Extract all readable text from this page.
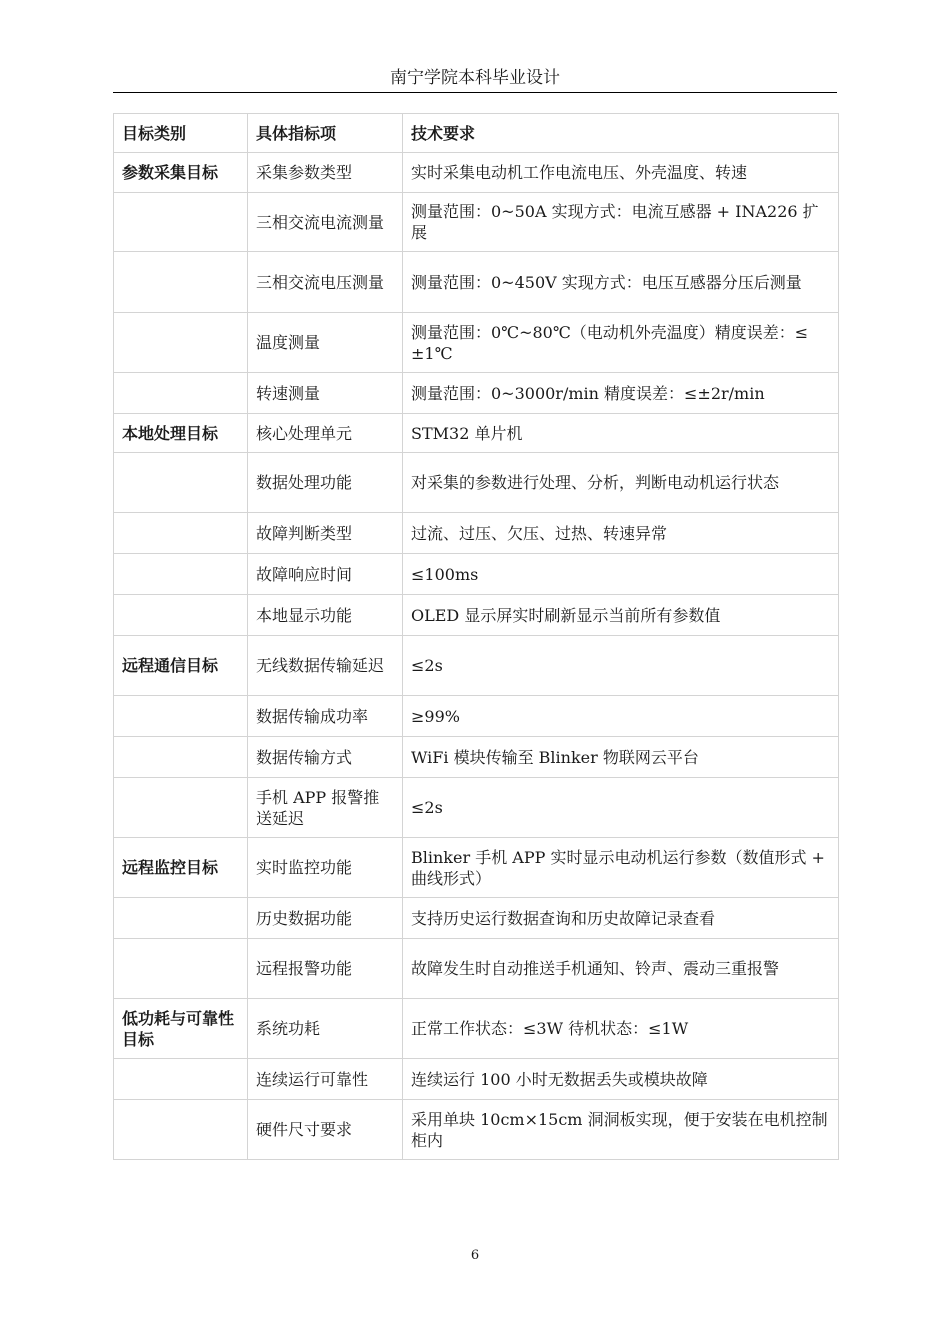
南宁学院本科毕业设计
目标类别	具体指标项	技术要求
参数采集目标	采集参数类型	实时采集电动机工作电流电压、外壳温度、转速
	三相交流电流测量	测量范围：0~50A 实现方式：电流互感器 + INA226 扩展
	三相交流电压测量	测量范围：0~450V 实现方式：电压互感器分压后测量
	温度测量	测量范围：0℃~80℃（电动机外壳温度）精度误差：≤±1℃
	转速测量	测量范围：0~3000r/min 精度误差：≤±2r/min
本地处理目标	核心处理单元	STM32 单片机
	数据处理功能	对采集的参数进行处理、分析，判断电动机运行状态
	故障判断类型	过流、过压、欠压、过热、转速异常
	故障响应时间	≤100ms
	本地显示功能	OLED 显示屏实时刷新显示当前所有参数值
远程通信目标	无线数据传输延迟	≤2s
	数据传输成功率	≥99%
	数据传输方式	WiFi 模块传输至 Blinker 物联网云平台
	手机 APP 报警推送延迟	≤2s
远程监控目标	实时监控功能	Blinker 手机 APP 实时显示电动机运行参数（数值形式 + 曲线形式）
	历史数据功能	支持历史运行数据查询和历史故障记录查看
	远程报警功能	故障发生时自动推送手机通知、铃声、震动三重报警
低功耗与可靠性目标	系统功耗	正常工作状态：≤3W 待机状态：≤1W
	连续运行可靠性	连续运行 100 小时无数据丢失或模块故障
	硬件尺寸要求	采用单块 10cm×15cm 洞洞板实现，便于安装在电机控制柜内
6
